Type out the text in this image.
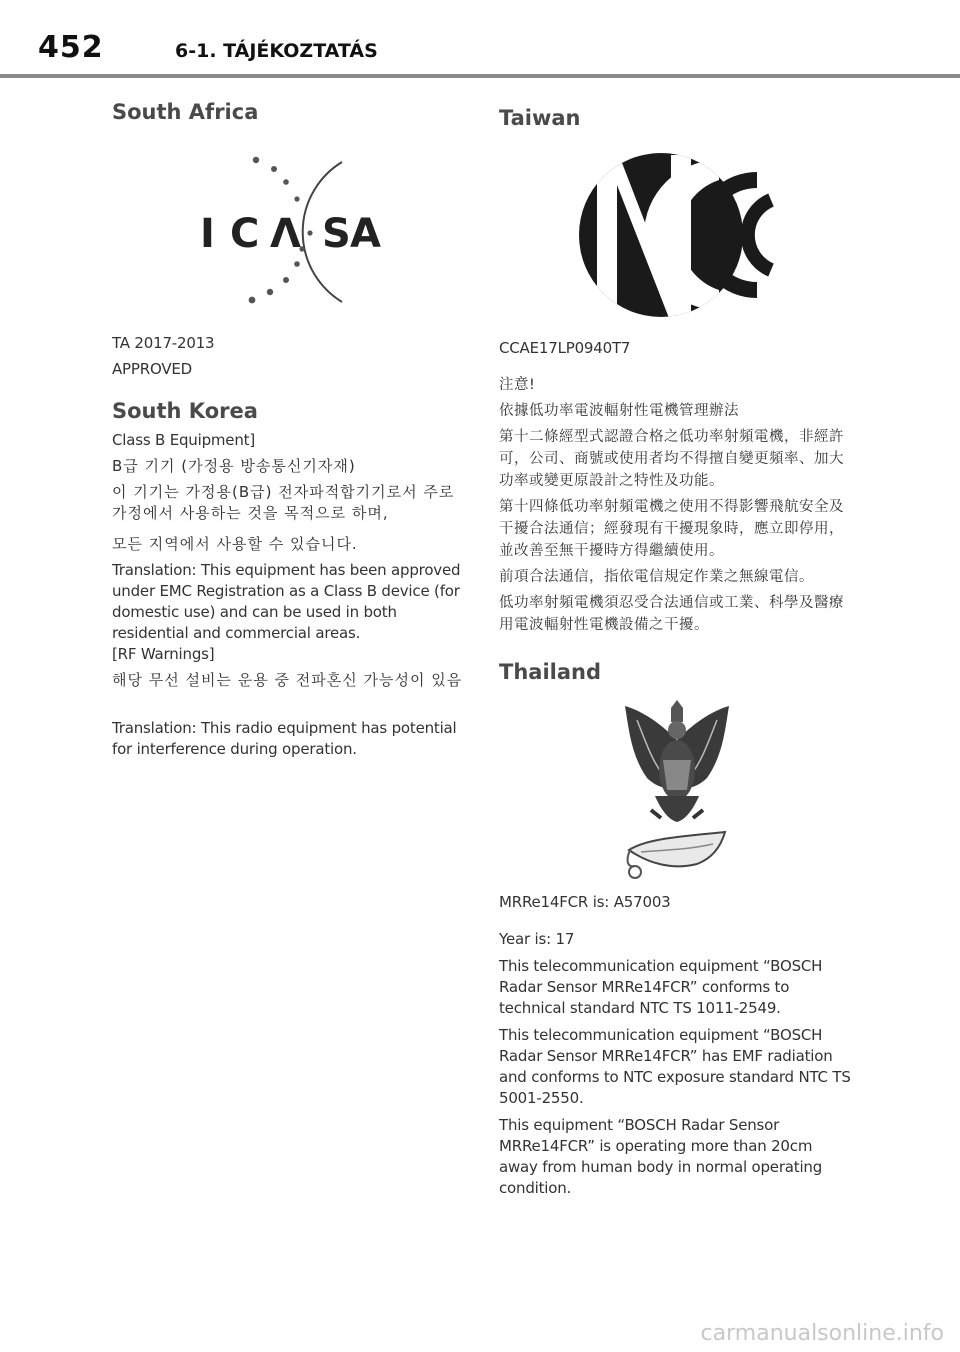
452	6-1. TÁJÉKOZTATÁS
South Africa
I C Λ S A

TA 2017-2013

APPROVED

South Korea

Class B Equipment]

B급 기기 (가정용 방송통신기자재)

이 기기는 가정용(B급) 전자파적합기기로서 주로 가정에서 사용하는 것을 목적으로 하며,

모든 지역에서 사용할 수 있습니다.

Translation: This equipment has been approved under EMC Registration as a Class B device (for domestic use) and can be used in both residential and commercial areas.

[RF Warnings]

해당 무선 설비는 운용 중 전파혼신 가능성이 있음

Translation: This radio equipment has potential for interference during operation.

Taiwan

CCAE17LP0940T7

注意!

依據低功率電波輻射性電機管理辦法

第十二條經型式認證合格之低功率射頻電機，非經許可，公司、商號或使用者均不得擅自變更頻率、加大功率或變更原設計之特性及功能。

第十四條低功率射頻電機之使用不得影響飛航安全及干擾合法通信；經發現有干擾現象時，應立即停用，並改善至無干擾時方得繼續使用。

前項合法通信，指依電信規定作業之無線電信。

低功率射頻電機須忍受合法通信或工業、科學及醫療用電波輻射性電機設備之干擾。

Thailand

MRRe14FCR is: A57003

Year is: 17

This telecommunication equipment “BOSCH Radar Sensor MRRe14FCR” conforms to technical standard NTC TS 1011-2549.

This telecommunication equipment “BOSCH Radar Sensor MRRe14FCR” has EMF radiation and conforms to NTC exposure standard NTC TS 5001-2550.

This equipment “BOSCH Radar Sensor MRRe14FCR” is operating more than 20cm away from human body in normal operating condition.

carmanualsonline.info
